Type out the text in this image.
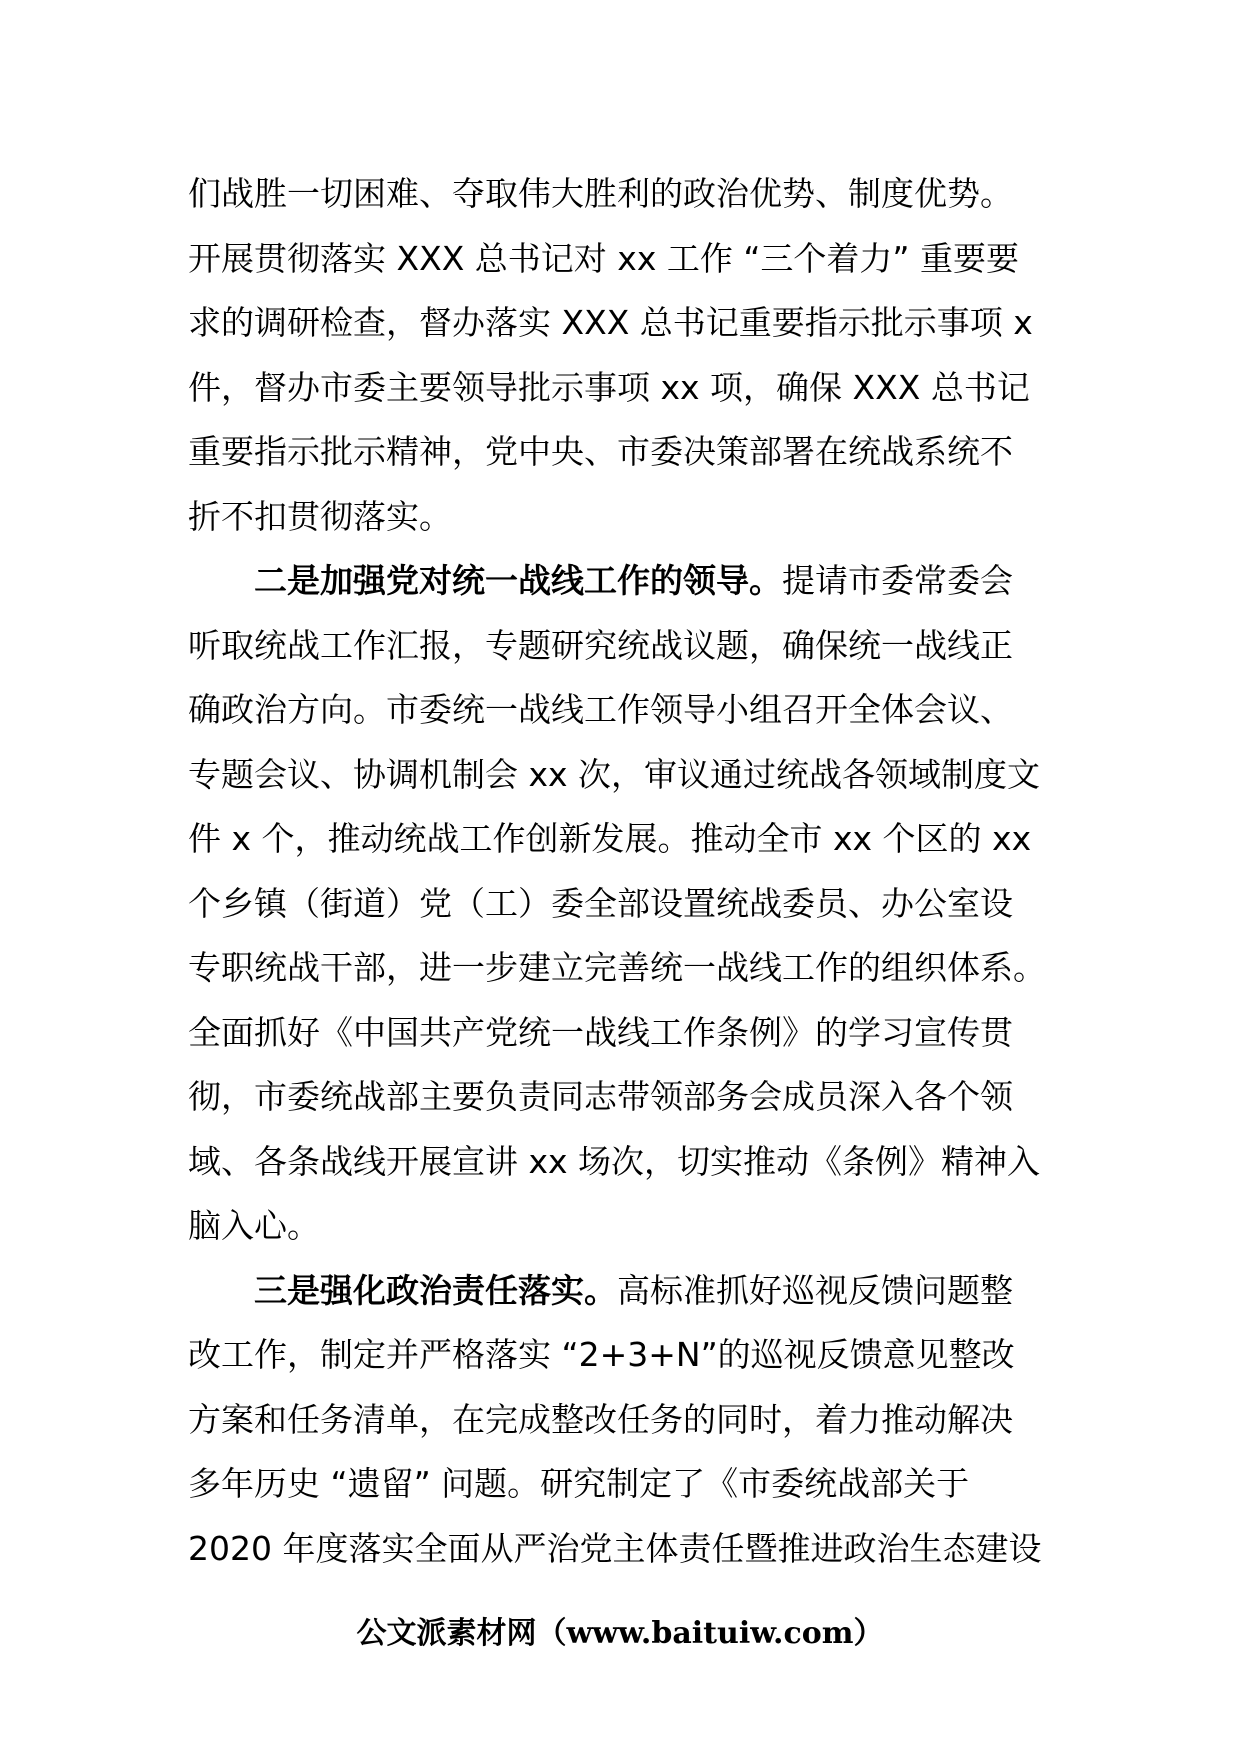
们战胜一切困难、夺取伟大胜利的政治优势、制度优势。
开展贯彻落实 XXX 总书记对 xx 工作 “三个着力” 重要要
求的调研检查，督办落实 XXX 总书记重要指示批示事项 x
件，督办市委主要领导批示事项 xx 项，确保 XXX 总书记
重要指示批示精神，党中央、市委决策部署在统战系统不
折不扣贯彻落实。

二是加强党对统一战线工作的领导。提请市委常委会
听取统战工作汇报，专题研究统战议题，确保统一战线正
确政治方向。市委统一战线工作领导小组召开全体会议、
专题会议、协调机制会 xx 次，审议通过统战各领域制度文
件 x 个，推动统战工作创新发展。推动全市 xx 个区的 xx
个乡镇（街道）党（工）委全部设置统战委员、办公室设
专职统战干部，进一步建立完善统一战线工作的组织体系。
全面抓好《中国共产党统一战线工作条例》的学习宣传贯
彻，市委统战部主要负责同志带领部务会成员深入各个领
域、各条战线开展宣讲 xx 场次，切实推动《条例》精神入
脑入心。

三是强化政治责任落实。高标准抓好巡视反馈问题整
改工作，制定并严格落实 “2+3+N”的巡视反馈意见整改
方案和任务清单，在完成整改任务的同时，着力推动解决
多年历史 “遗留” 问题。研究制定了《市委统战部关于
2020 年度落实全面从严治党主体责任暨推进政治生态建设

公文派素材网（www.baituiw.com）
